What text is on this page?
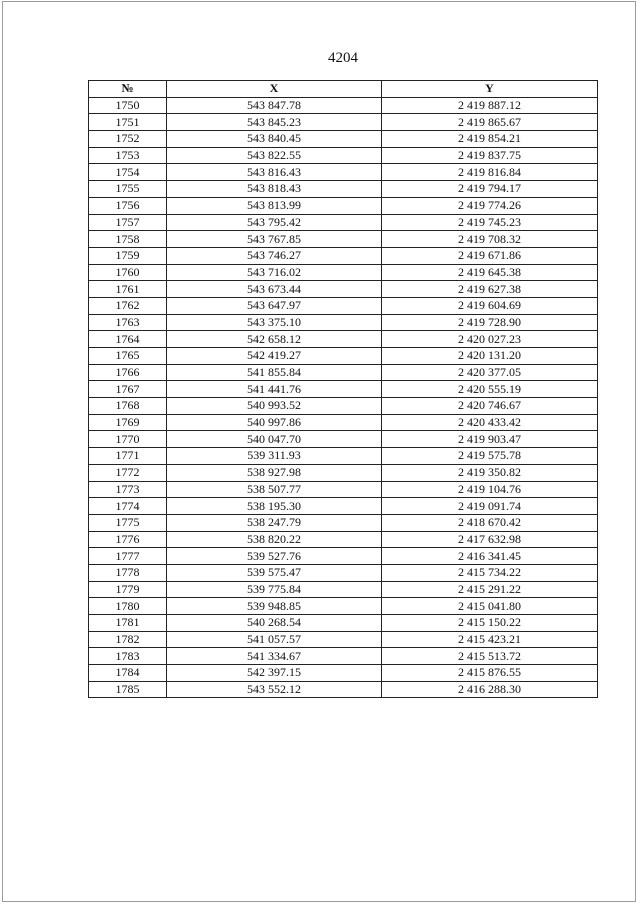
4204
№	X	Y
1750	543 847.78	2 419 887.12
1751	543 845.23	2 419 865.67
1752	543 840.45	2 419 854.21
1753	543 822.55	2 419 837.75
1754	543 816.43	2 419 816.84
1755	543 818.43	2 419 794.17
1756	543 813.99	2 419 774.26
1757	543 795.42	2 419 745.23
1758	543 767.85	2 419 708.32
1759	543 746.27	2 419 671.86
1760	543 716.02	2 419 645.38
1761	543 673.44	2 419 627.38
1762	543 647.97	2 419 604.69
1763	543 375.10	2 419 728.90
1764	542 658.12	2 420 027.23
1765	542 419.27	2 420 131.20
1766	541 855.84	2 420 377.05
1767	541 441.76	2 420 555.19
1768	540 993.52	2 420 746.67
1769	540 997.86	2 420 433.42
1770	540 047.70	2 419 903.47
1771	539 311.93	2 419 575.78
1772	538 927.98	2 419 350.82
1773	538 507.77	2 419 104.76
1774	538 195.30	2 419 091.74
1775	538 247.79	2 418 670.42
1776	538 820.22	2 417 632.98
1777	539 527.76	2 416 341.45
1778	539 575.47	2 415 734.22
1779	539 775.84	2 415 291.22
1780	539 948.85	2 415 041.80
1781	540 268.54	2 415 150.22
1782	541 057.57	2 415 423.21
1783	541 334.67	2 415 513.72
1784	542 397.15	2 415 876.55
1785	543 552.12	2 416 288.30
